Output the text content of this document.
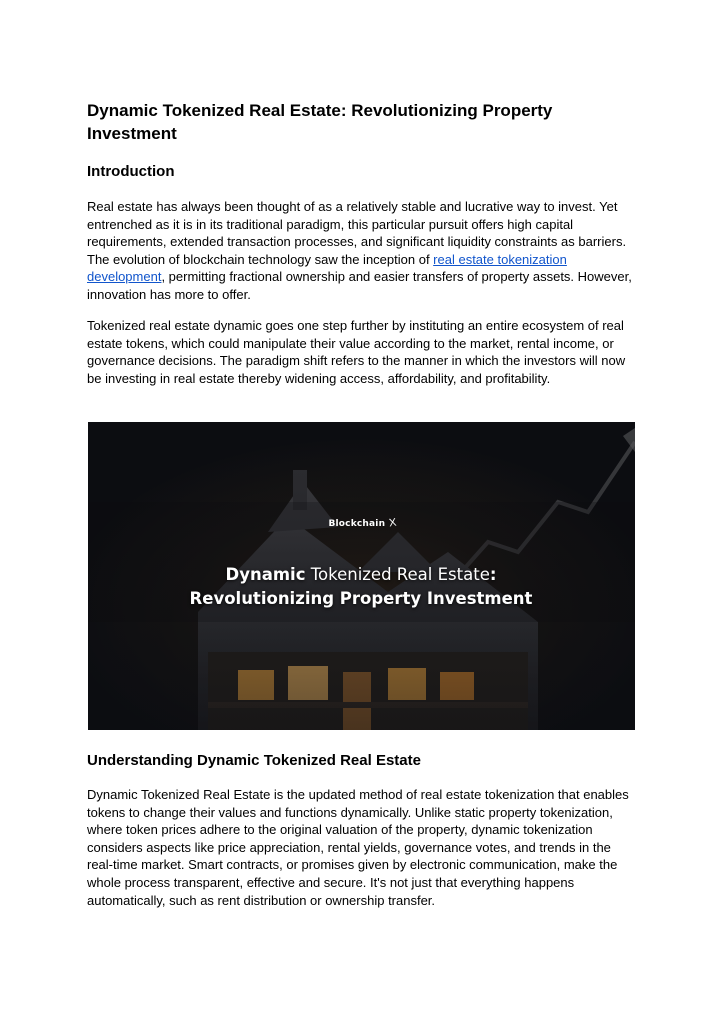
Dynamic Tokenized Real Estate: Revolutionizing Property Investment
Introduction

Real estate has always been thought of as a relatively stable and lucrative way to invest. Yet entrenched as it is in its traditional paradigm, this particular pursuit offers high capital requirements, extended transaction processes, and significant liquidity constraints as barriers. The evolution of blockchain technology saw the inception of real estate tokenization development, permitting fractional ownership and easier transfers of property assets. However, innovation has more to offer.

Tokenized real estate dynamic goes one step further by instituting an entire ecosystem of real estate tokens, which could manipulate their value according to the market, rental income, or governance decisions. The paradigm shift refers to the manner in which the investors will now be investing in real estate thereby widening access, affordability, and profitability.

Blockchain X
Dynamic Tokenized Real Estate:
Revolutionizing Property Investment
Understanding Dynamic Tokenized Real Estate

Dynamic Tokenized Real Estate is the updated method of real estate tokenization that enables tokens to change their values and functions dynamically. Unlike static property tokenization, where token prices adhere to the original valuation of the property, dynamic tokenization considers aspects like price appreciation, rental yields, governance votes, and trends in the real-time market. Smart contracts, or promises given by electronic communication, make the whole process transparent, effective and secure. It's not just that everything happens automatically, such as rent distribution or ownership transfer.
